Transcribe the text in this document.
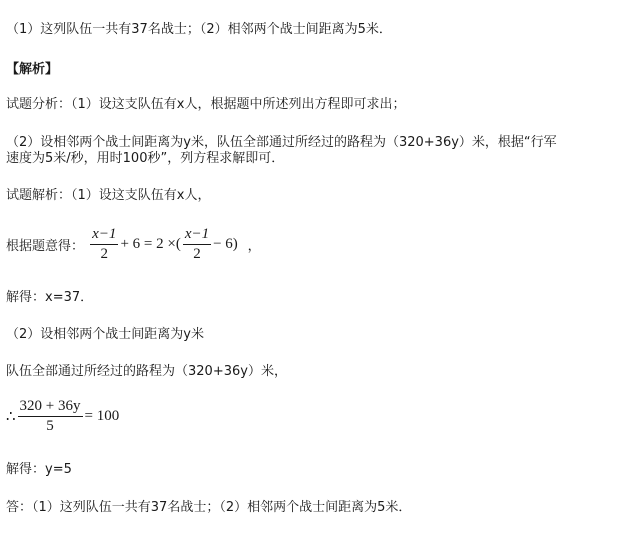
（1）这列队伍一共有37名战士；（2）相邻两个战士间距离为5米．
【解析】
试题分析：（1）设这支队伍有x人，根据题中所述列出方程即可求出；
（2）设相邻两个战士间距离为y米，队伍全部通过所经过的路程为（320+36y）米，根据“行军
速度为5米/秒，用时100秒”，列方程求解即可．
试题解析：（1）设这支队伍有x人，
根据题意得： $\frac{x-1}{2} + 6 = 2$ ×( $\frac{x-1}{2} - 6$) ，
解得：x=37．
（2）设相邻两个战士间距离为y米
队伍全部通过所经过的路程为（320+36y）米，
∴ $\frac{320 + 36y}{5} = 100$
解得：y=5
答：（1）这列队伍一共有37名战士；（2）相邻两个战士间距离为5米．
